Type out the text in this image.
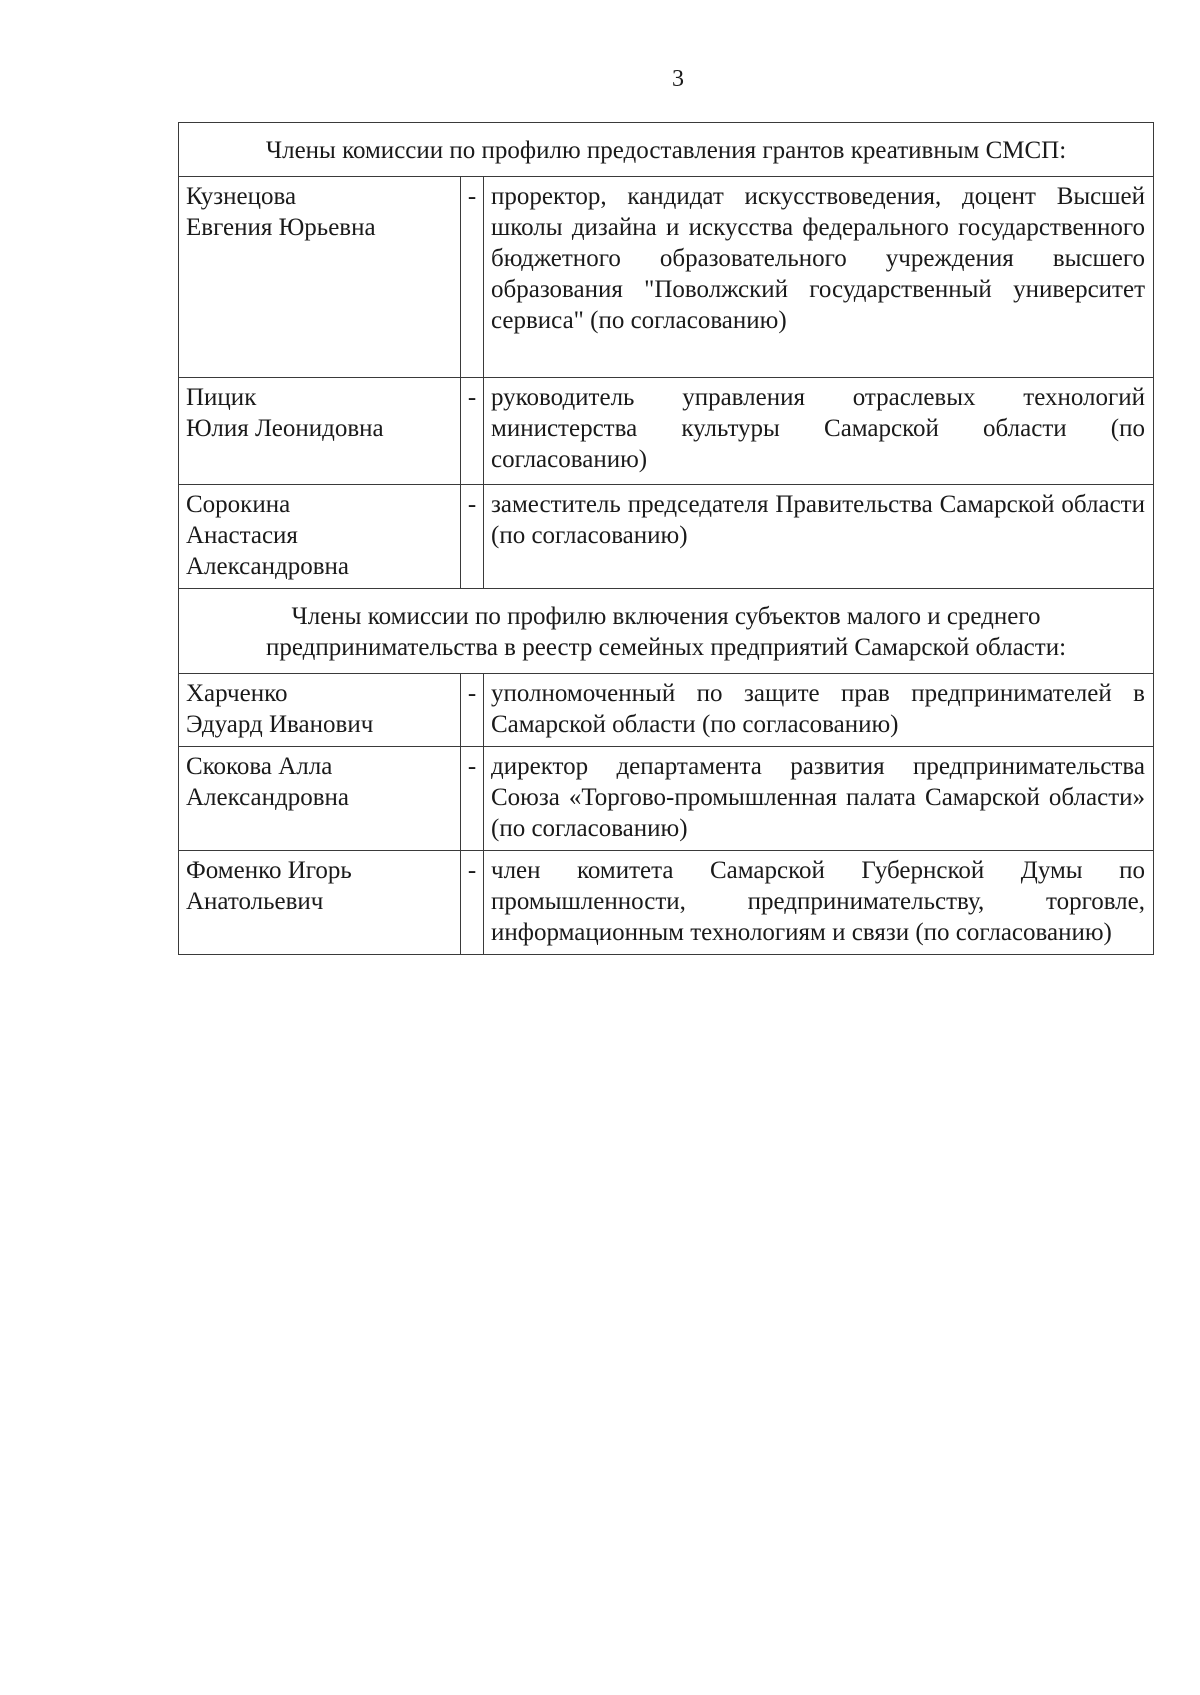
3
Члены комиссии по профилю предоставления грантов креативным СМСП:		

Кузнецова
Евгения Юрьевна	-	проректор, кандидат искусствоведения, доцент Высшей школы дизайна и искусства федерального государственного бюджетного образовательного учреждения высшего образования "Поволжский государственный университет сервиса" (по согласованию)

Пицик
Юлия Леонидовна	-	руководитель управления отраслевых технологий министерства культуры Самарской области (по согласованию)

Сорокина
Анастасия Александровна	-	заместитель председателя Правительства Самарской области (по согласованию)
Члены комиссии по профилю включения субъектов малого и среднего предпринимательства в реестр семейных предприятий Самарской области:		

Харченко
Эдуард Иванович	-	уполномоченный по защите прав предпринимателей в Самарской области (по согласованию)

Скокова Алла
Александровна	-	директор департамента развития предпринимательства Союза «Торгово-промышленная палата Самарской области» (по согласованию)

Фоменко Игорь
Анатольевич	-	член комитета Самарской Губернской Думы по промышленности, предпринимательству, торговле, информационным технологиям и связи (по согласованию)
